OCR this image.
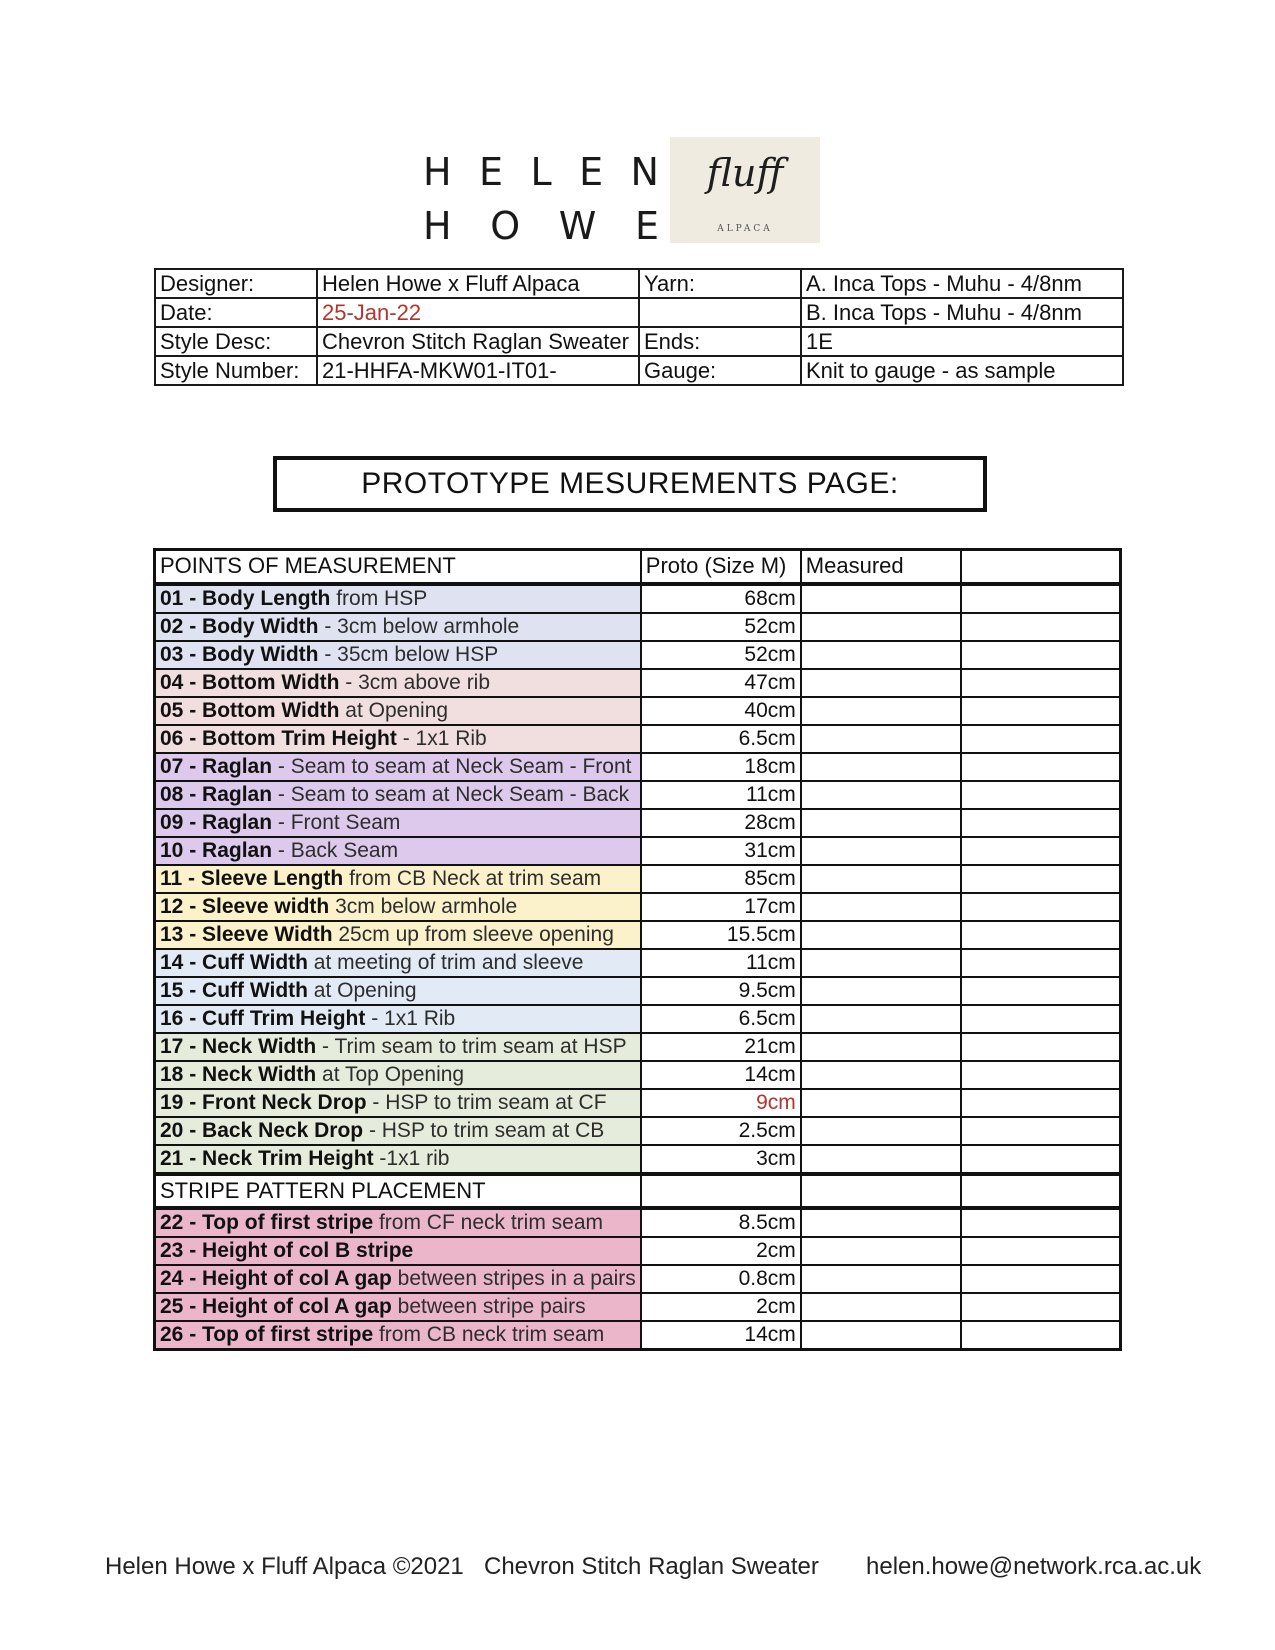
H E L E N
H O W E
fluff
ALPACA
Designer:	Helen Howe x Fluff Alpaca	Yarn:	A. Inca Tops - Muhu - 4/8nm
Date:	25-Jan-22		B. Inca Tops - Muhu - 4/8nm
Style Desc:	Chevron Stitch Raglan Sweater	Ends:	1E
Style Number:	21-HHFA-MKW01-IT01-	Gauge:	Knit to gauge - as sample
PROTOTYPE MESUREMENTS PAGE:
POINTS OF MEASUREMENT	Proto (Size M)	Measured	
01 - Body Length from HSP	68cm		
02 - Body Width - 3cm below armhole	52cm		
03 - Body Width - 35cm below HSP	52cm		
04 - Bottom Width - 3cm above rib	47cm		
05 - Bottom Width at Opening	40cm		
06 - Bottom Trim Height - 1x1 Rib	6.5cm		
07 - Raglan - Seam to seam at Neck Seam - Front	18cm		
08 - Raglan - Seam to seam at Neck Seam - Back	11cm		
09 - Raglan - Front Seam	28cm		
10 - Raglan - Back Seam	31cm		
11 - Sleeve Length from CB Neck at trim seam	85cm		
12 - Sleeve width 3cm below armhole	17cm		
13 - Sleeve Width 25cm up from sleeve opening	15.5cm		
14 - Cuff Width at meeting of trim and sleeve	11cm		
15 - Cuff Width at Opening	9.5cm		
16 - Cuff Trim Height - 1x1 Rib	6.5cm		
17 - Neck Width - Trim seam to trim seam at HSP	21cm		
18 - Neck Width at Top Opening	14cm		
19 - Front Neck Drop - HSP to trim seam at CF	9cm		
20 - Back Neck Drop - HSP to trim seam at CB	2.5cm		
21 - Neck Trim Height -1x1 rib	3cm		
STRIPE PATTERN PLACEMENT			
22 - Top of first stripe from CF neck trim seam	8.5cm		
23 - Height of col B stripe	2cm		
24 - Height of col A gap between stripes in a pairs	0.8cm		
25 - Height of col A gap between stripe pairs	2cm		
26 - Top of first stripe from CB neck trim seam	14cm		
Helen Howe x Fluff Alpaca ©2021 Chevron Stitch Raglan Sweater helen.howe@network.rca.ac.uk
